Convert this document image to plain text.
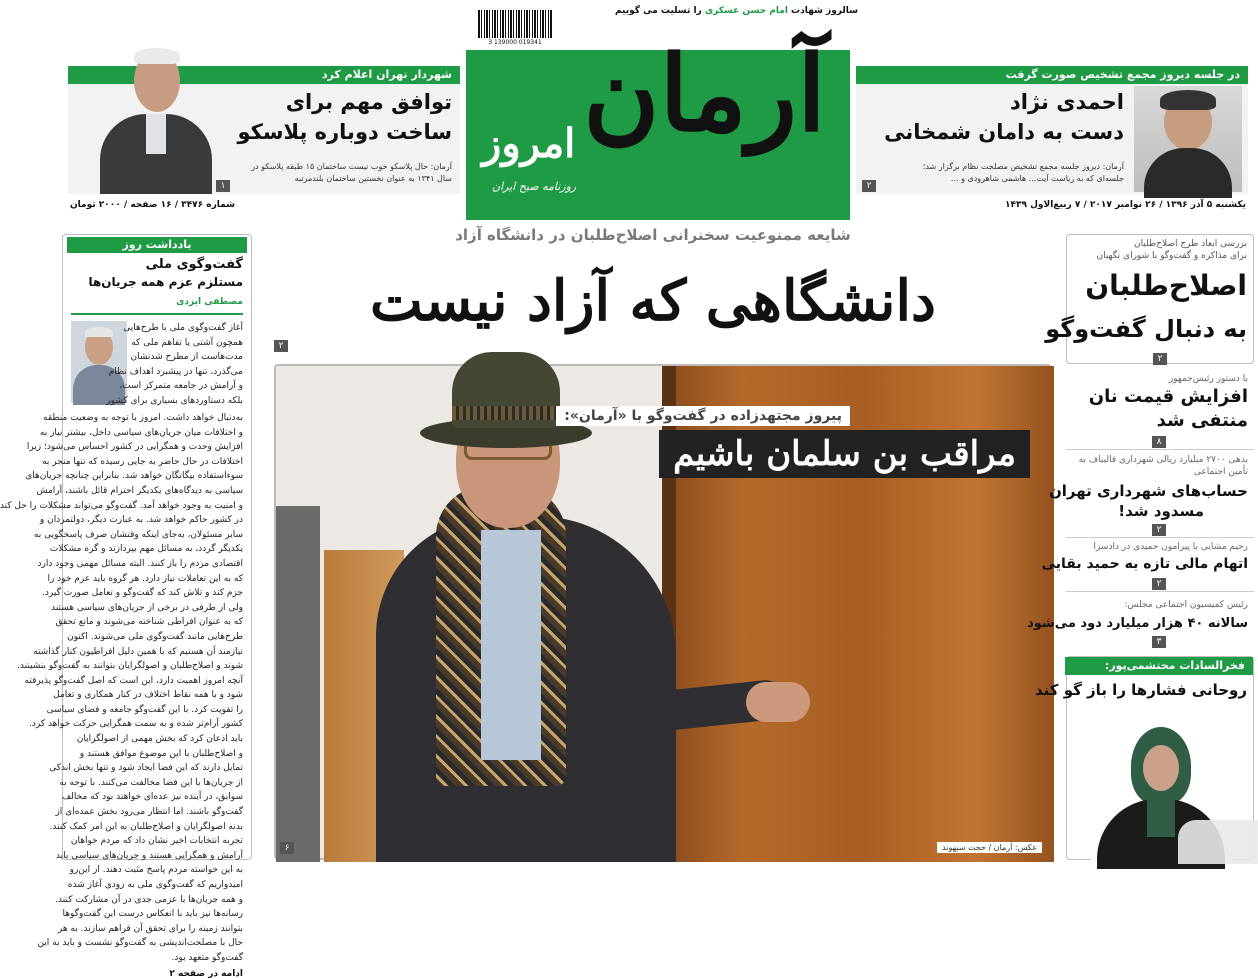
آرمان
امروز
روزنامه صبح ایران
سالروز شهادت امام حسن عسکری را تسلیت می گوییم
3 139000 019341
در جلسه دیروز مجمع تشخیص صورت گرفت
احمدی نژاد
دست به دامان شمخانی
آرمان: دیروز جلسه مجمع تشخیص مصلحت نظام برگزار شد؛
جلسه‌ای که به ریاست آیت... هاشمی شاهرودی و ...
۲
شهردار تهران اعلام کرد
توافق مهم برای
ساخت دوباره پلاسکو
آرمان: حال پلاسکو خوب نیست ساختمان ۱۵ طبقه پلاسکو در
سال ۱۳۴۱ به عنوان نخستین ساختمان بلندمرتبه
۱
یکشنبه ۵ آذر ۱۳۹۶ / ۲۶ نوامبر ۲۰۱۷ / ۷ ربیع‌الاول ۱۴۳۹
شماره ۳۴۷۶ / ۱۶ صفحه / ۲۰۰۰ تومان
یادداشت روز
گفت‌وگوی ملی
مستلزم عزم همه جریان‌ها
مصطفی ایزدی
آغاز گفت‌وگوی ملی با طرح‌هایی
همچون آشتی یا تفاهم ملی که
مدت‌هاست از مطرح شدنشان
می‌گذرد، تنها در پیشبرد اهداف نظام
و آرامش در جامعه متمرکز است،
بلکه دستاوردهای بسیاری برای کشور
به‌دنبال خواهد داشت. امروز با توجه به وضعیت منطقه
و اختلافات میان جریان‌های سیاسی داخل، بیشتر نیاز به
افزایش وحدت و همگرایی در کشور احساس می‌شود؛ زیرا
اختلافات در حال حاضر به جایی رسیده که تنها منجر به
سوءاستفاده بیگانگان خواهد شد. بنابراین چنانچه جریان‌های
سیاسی به دیدگاه‌های یکدیگر احترام قائل باشند، آرامش
و امنیت به وجود خواهد آمد. گفت‌وگو می‌تواند مشکلات را حل کند
در کشور حاکم خواهد شد. به عبارت دیگر، دولتمردان و
سایر مسئولان، به‌جای اینکه وقتشان صرف پاسخگویی به
یکدیگر گردد، به مسائل مهم بپردازند و گره مشکلات
اقتصادی مردم را باز کنند. البته مسائل مهمی وجود دارد
که به این تعاملات نیاز دارد. هر گروه باید عزم خود را
جزم کند و تلاش کند که گفت‌وگو و تعامل صورت گیرد.
ولی از طرفی در برخی از جریان‌های سیاسی هستند
که به عنوان افراطی شناخته می‌شوند و مانع تحقق
طرح‌هایی مانند گفت‌وگوی ملی می‌شوند. اکنون
نیازمند آن هستیم که با همین دلیل افراطیون کنار گذاشته
شوند و اصلاح‌طلبان و اصولگرایان بتوانند به گفت‌وگو بنشینند.
آنچه امروز اهمیت دارد، این است که اصل گفت‌وگو پذیرفته
شود و با همه نقاط اختلاف در کنار همکاری و تعامل
را تقویت کرد. با این گفت‌وگو جامعه و فضای سیاسی
کشور آرام‌تر شده و به سمت همگرایی حرکت خواهد کرد.
باید اذعان کرد که بخش مهمی از اصولگرایان
و اصلاح‌طلبان با این موضوع موافق هستند و
تمایل دارند که این فضا ایجاد شود و تنها بخش اندکی
از جریان‌ها با این فضا مخالفت می‌کنند. با توجه به
سوابق، در آینده نیز عده‌ای خواهند بود که مخالف
گفت‌وگو باشند. اما انتظار می‌رود بخش عمده‌ای از
بدنه اصولگرایان و اصلاح‌طلبان به این امر کمک کنند.
تجربه انتخابات اخیر نشان داد که مردم خواهان
آرامش و همگرایی هستند و جریان‌های سیاسی باید
به این خواسته مردم پاسخ مثبت دهند. از این‌رو
امیدواریم که گفت‌وگوی ملی به زودی آغاز شده
و همه جریان‌ها با عزمی جدی در آن مشارکت کنند.
رسانه‌ها نیز باید با انعکاس درست این گفت‌وگوها
بتوانند زمینه را برای تحقق آن فراهم سازند. به هر
حال با مصلحت‌اندیشی به گفت‌وگو نشست و باید به این
گفت‌وگو متعهد بود.
ادامه در صفحه ۲
شایعه ممنوعیت سخنرانی اصلاح‌طلبان در دانشگاه آزاد
دانشگاهی که آزاد نیست
۲
پیروز مجتهدزاده در گفت‌وگو با «آرمان»:
مراقب بن سلمان باشیم
عکس: آرمان / حجت سپهوند
۶
بررسی ابعاد طرح اصلاح‌طلبان
برای مذاکره و گفت‌وگو با شورای نگهبان
اصلاح‌طلبان
به دنبال گفت‌وگو
۲
با دستور رئیس‌جمهور
افزایش قیمت نان
منتفی شد
۸
بدهی ۲۷۰۰ میلیارد ریالی شهرداری قالیباف به تأمین اجتماعی
حساب‌های شهرداری تهران
مسدود شد!
۲
رحیم مشایی با پیرامون حمیدی در دادسرا
اتهام مالی تازه به حمید بقایی
۲
رئیس کمیسیون اجتماعی مجلس:
سالانه ۴۰ هزار میلیارد دود می‌شود
۳
فخرالسادات محتشمی‌پور:
روحانی فشارها را باز گو کند
